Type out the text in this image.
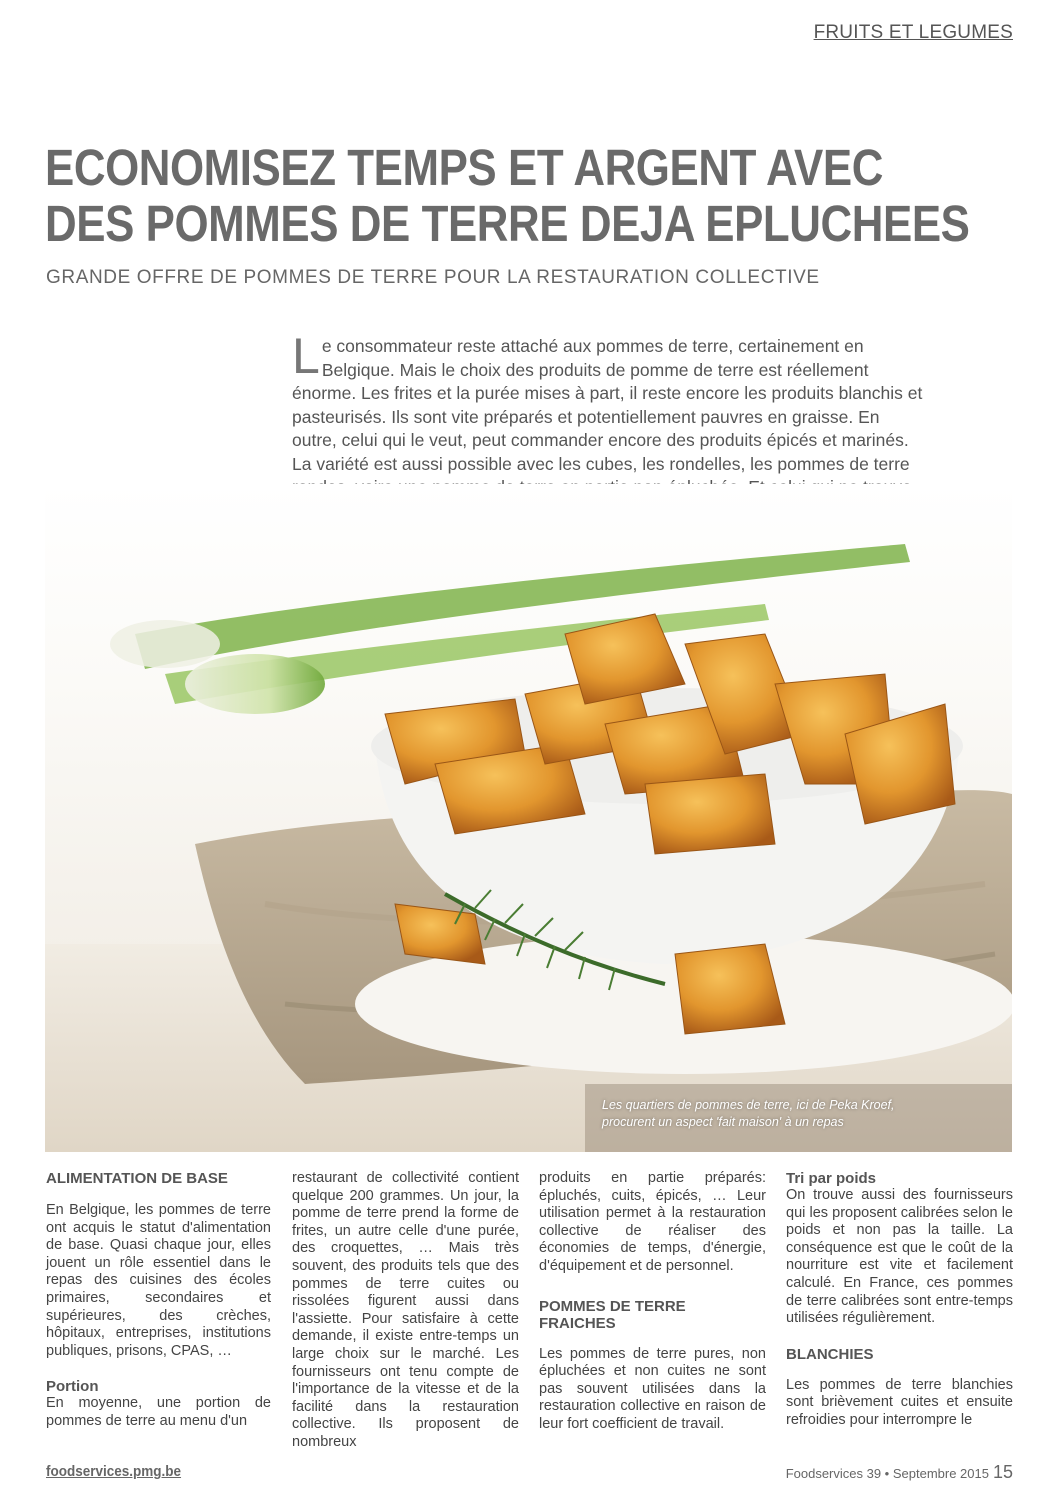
FRUITS ET LEGUMES
ECONOMISEZ TEMPS ET ARGENT AVEC
DES POMMES DE TERRE DEJA EPLUCHEES
GRANDE OFFRE DE POMMES DE TERRE POUR LA RESTAURATION COLLECTIVE
L e consommateur reste attaché aux pommes de terre, certainement en Belgique. Mais le choix des produits de pomme de terre est réellement énorme. Les frites et la purée mises à part, il reste encore les produits blanchis et pasteurisés. Ils sont vite préparés et potentiellement pauvres en graisse. En outre, celui qui le veut, peut commander encore des produits épicés et marinés. La variété est aussi possible avec les cubes, les rondelles, les pommes de terre
Les quartiers de pommes de terre, ici de Peka Kroef,
procurent un aspect 'fait maison' à un repas
ALIMENTATION DE BASE

En Belgique, les pommes de terre ont acquis le statut d'alimentation de base. Quasi chaque jour, elles jouent un rôle essentiel dans le repas des cuisines des écoles primaires, secondaires et supérieures, des crèches, hôpitaux, entreprises, institutions publiques, prisons, CPAS, …

Portion

En moyenne, une portion de pommes de terre au menu d'un

restaurant de collectivité contient quelque 200 grammes. Un jour, la pomme de terre prend la forme de frites, un autre celle d'une purée, des croquettes, … Mais très souvent, des produits tels que des pommes de terre cuites ou rissolées figurent aussi dans l'assiette. Pour satisfaire à cette demande, il existe entre-temps un large choix sur le marché. Les fournisseurs ont tenu compte de l'importance de la vitesse et de la facilité dans la restauration collective. Ils proposent de nombreux

produits en partie préparés: épluchés, cuits, épicés, … Leur utilisation permet à la restauration collective de réaliser des économies de temps, d'énergie, d'équipement et de personnel.

POMMES DE TERRE FRAICHES

Les pommes de terre pures, non épluchées et non cuites ne sont pas souvent utilisées dans la restauration collective en raison de leur fort coefficient de travail.

Tri par poids

On trouve aussi des fournisseurs qui les proposent calibrées selon le poids et non pas la taille. La conséquence est que le coût de la nourriture est vite et facilement calculé. En France, ces pommes de terre calibrées sont entre-temps utilisées régulièrement.

BLANCHIES

Les pommes de terre blanchies sont brièvement cuites et ensuite refroidies pour interrompre le

foodservices.pmg.be	Foodservices 39 • Septembre 2015 15
